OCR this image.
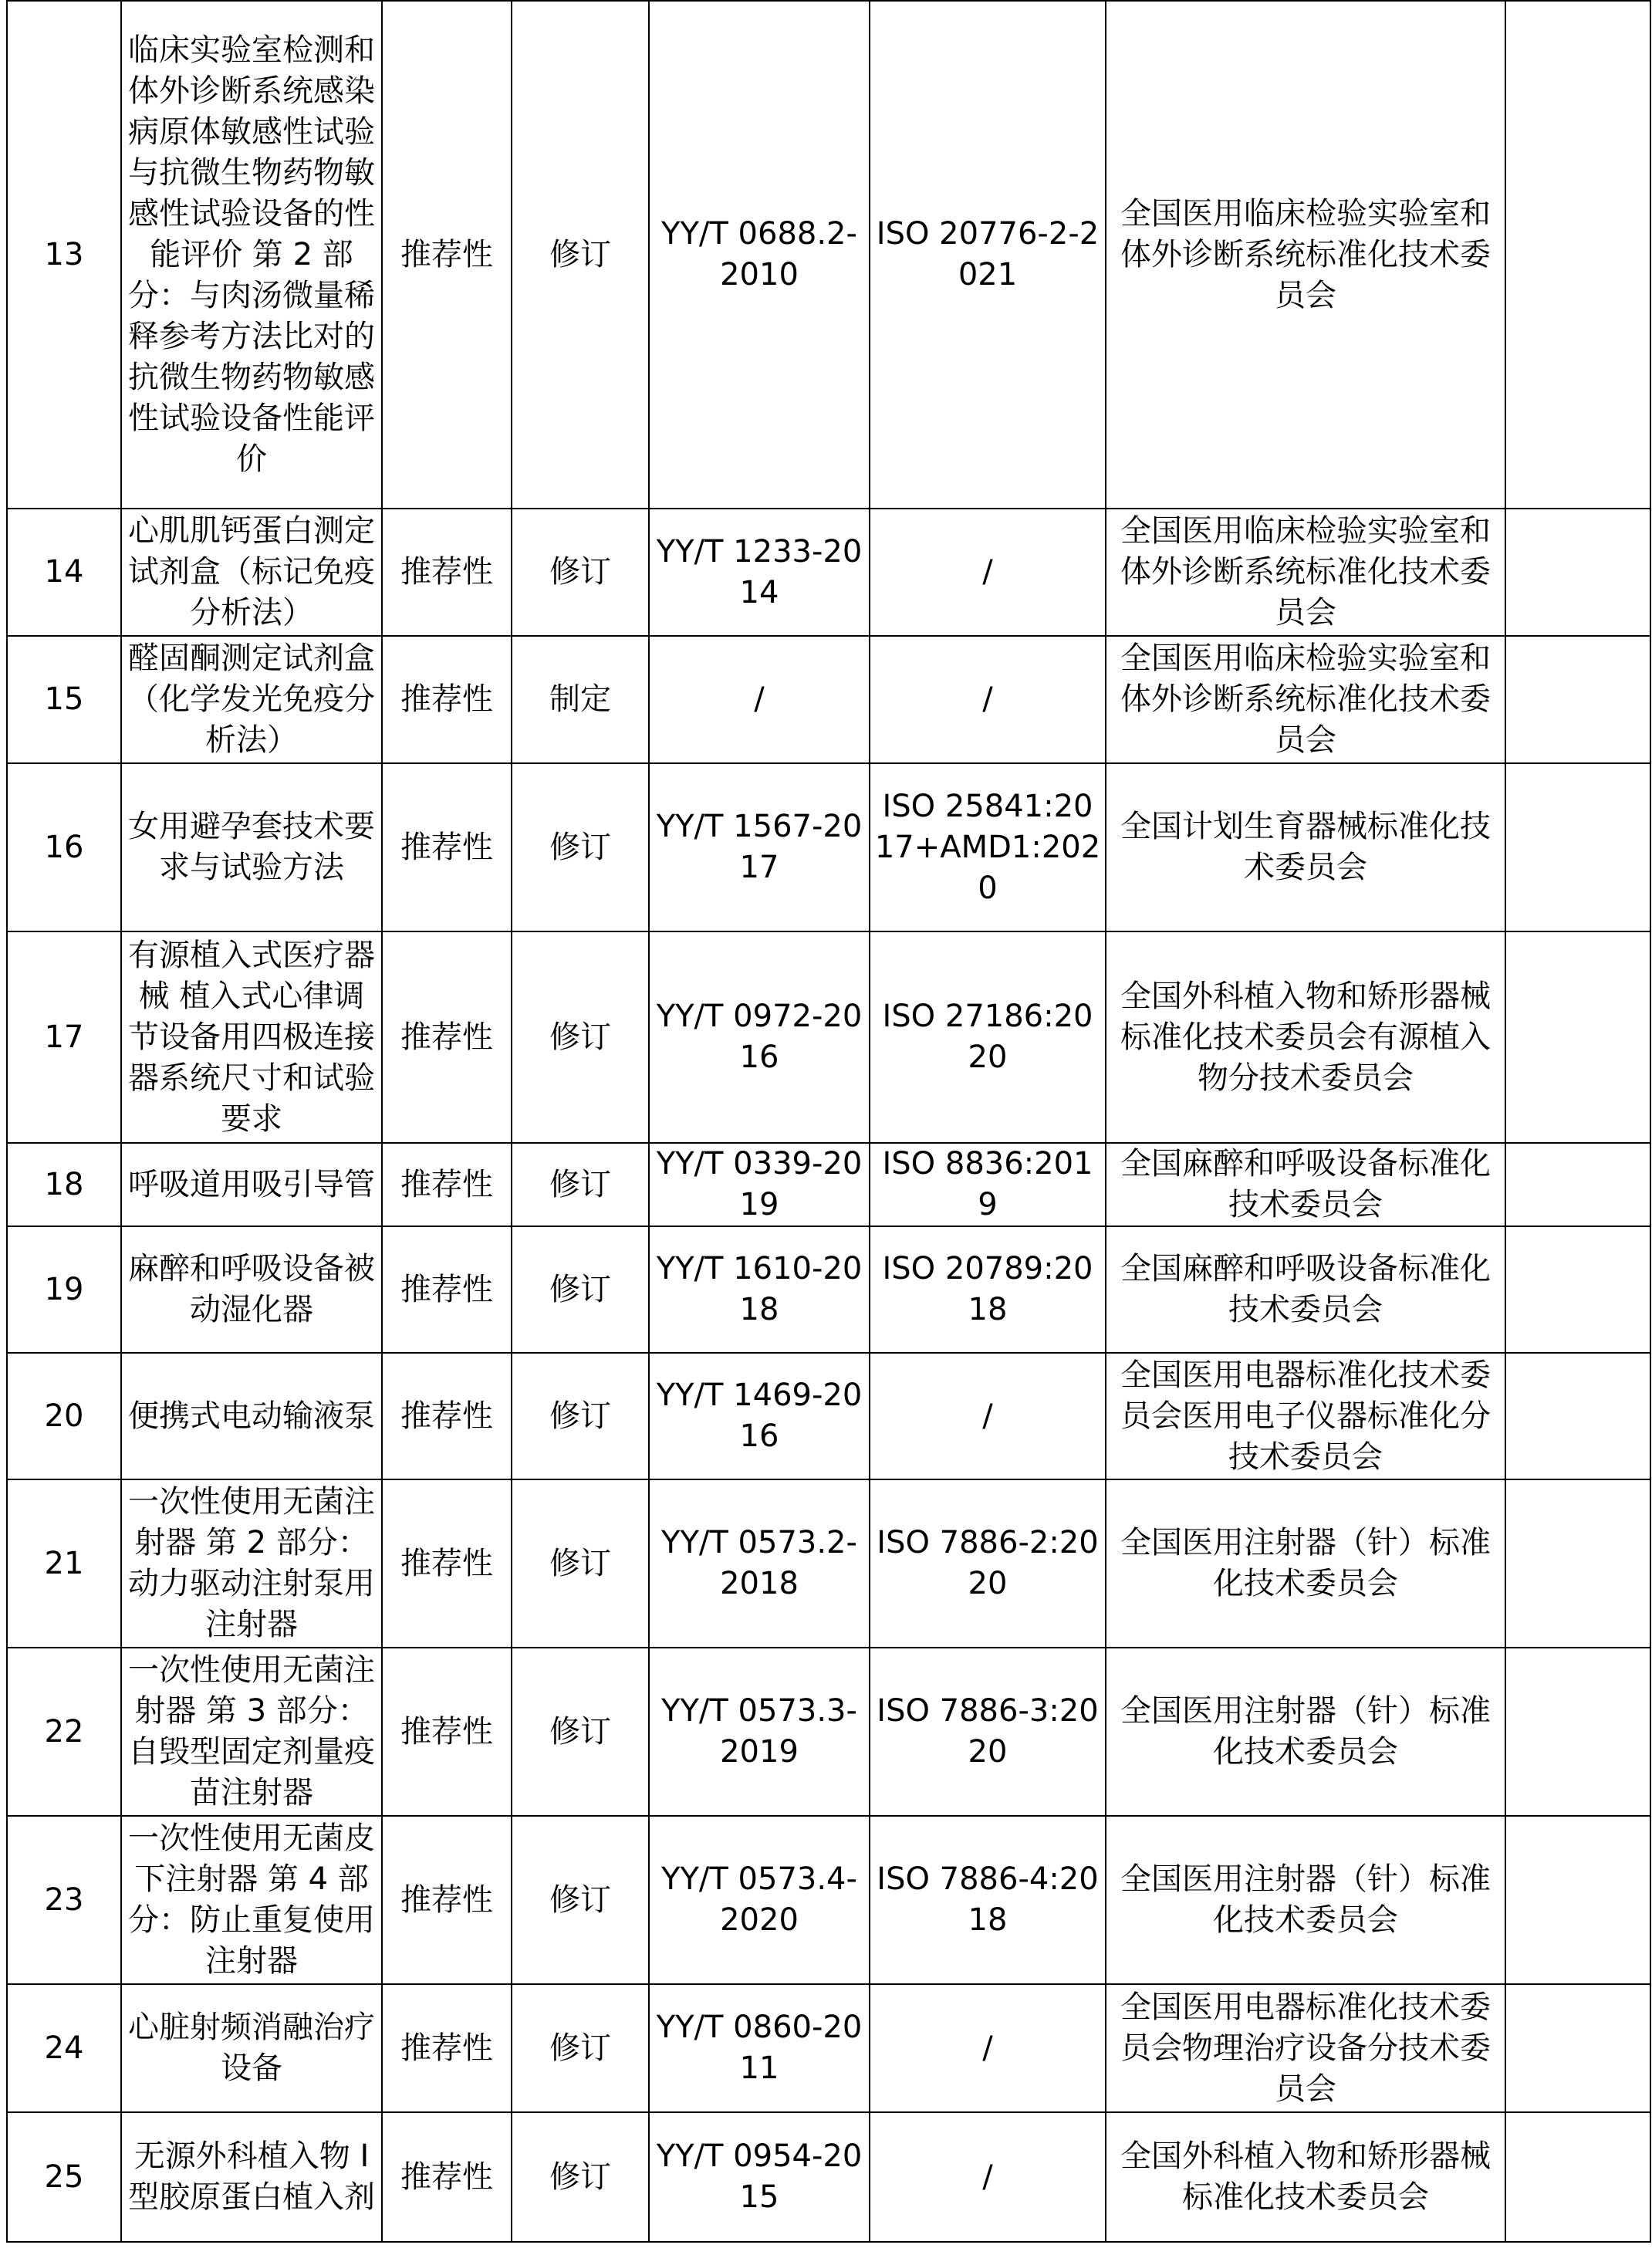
13	临床实验室检测和体外诊断系统感染病原体敏感性试验与抗微生物药物敏感性试验设备的性能评价 第 2 部分：与肉汤微量稀释参考方法比对的抗微生物药物敏感性试验设备性能评价	推荐性	修订	YY/T 0688.2-2010	ISO 20776-2-2021	全国医用临床检验实验室和体外诊断系统标准化技术委员会	
14	心肌肌钙蛋白测定试剂盒（标记免疫分析法）	推荐性	修订	YY/T 1233-2014	/	全国医用临床检验实验室和体外诊断系统标准化技术委员会	
15	醛固酮测定试剂盒（化学发光免疫分析法）	推荐性	制定	/	/	全国医用临床检验实验室和体外诊断系统标准化技术委员会	
16	女用避孕套技术要求与试验方法	推荐性	修订	YY/T 1567-2017	ISO 25841:2017+AMD1:2020	全国计划生育器械标准化技术委员会	
17	有源植入式医疗器械 植入式心律调节设备用四极连接器系统尺寸和试验要求	推荐性	修订	YY/T 0972-2016	ISO 27186:2020	全国外科植入物和矫形器械标准化技术委员会有源植入物分技术委员会	
18	呼吸道用吸引导管	推荐性	修订	YY/T 0339-2019	ISO 8836:2019	全国麻醉和呼吸设备标准化技术委员会	
19	麻醉和呼吸设备被动湿化器	推荐性	修订	YY/T 1610-2018	ISO 20789:2018	全国麻醉和呼吸设备标准化技术委员会	
20	便携式电动输液泵	推荐性	修订	YY/T 1469-2016	/	全国医用电器标准化技术委员会医用电子仪器标准化分技术委员会	
21	一次性使用无菌注射器 第 2 部分：动力驱动注射泵用注射器	推荐性	修订	YY/T 0573.2-2018	ISO 7886-2:2020	全国医用注射器（针）标准化技术委员会	
22	一次性使用无菌注射器 第 3 部分：自毁型固定剂量疫苗注射器	推荐性	修订	YY/T 0573.3-2019	ISO 7886-3:2020	全国医用注射器（针）标准化技术委员会	
23	一次性使用无菌皮下注射器 第 4 部分：防止重复使用注射器	推荐性	修订	YY/T 0573.4-2020	ISO 7886-4:2018	全国医用注射器（针）标准化技术委员会	
24	心脏射频消融治疗设备	推荐性	修订	YY/T 0860-2011	/	全国医用电器标准化技术委员会物理治疗设备分技术委员会	
25	无源外科植入物 I 型胶原蛋白植入剂	推荐性	修订	YY/T 0954-2015	/	全国外科植入物和矫形器械标准化技术委员会	
